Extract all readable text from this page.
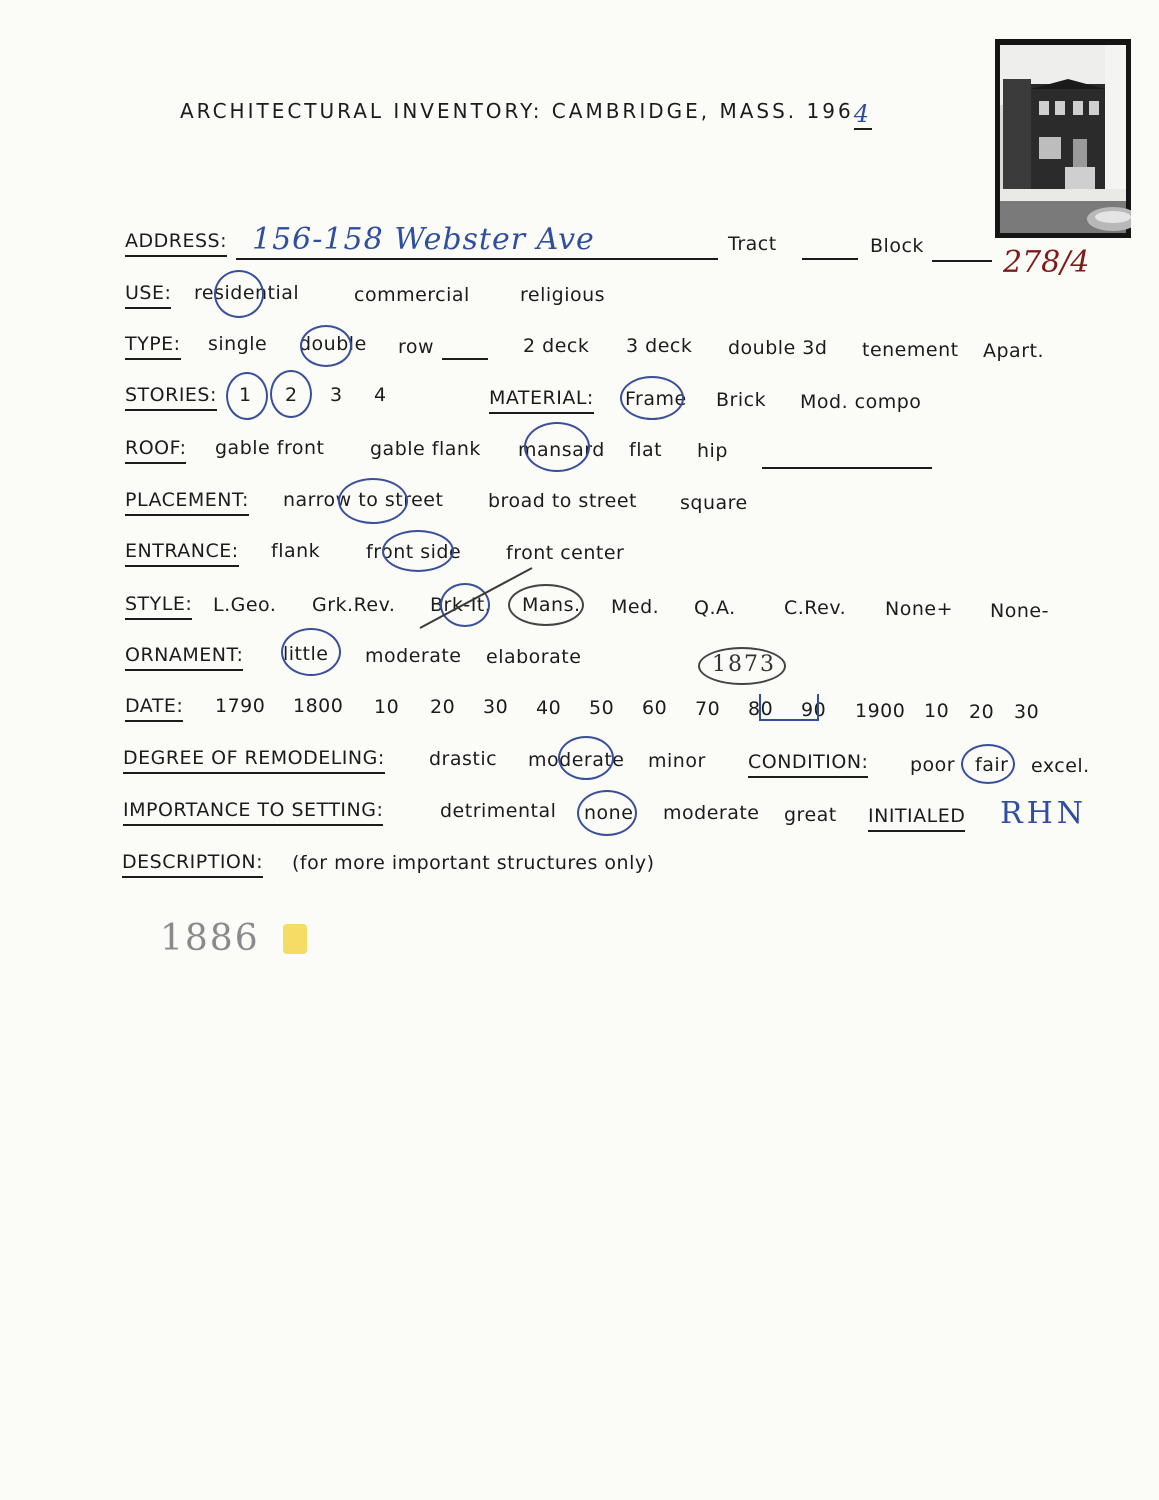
ARCHITECTURAL INVENTORY: CAMBRIDGE, MASS. 1964
ADDRESS: 156-158 Webster Ave	Tract	Block	278/4
USE: residential	commercial	religious
TYPE: single double row	2 deck 3 deck double 3d tenement Apart.
STORIES: 1 2 3 4	MATERIAL: Frame Brick Mod. compo
ROOF: gable front gable flank mansard flat hip
PLACEMENT: narrow to street broad to street square
ENTRANCE: flank front side front center
STYLE: L.Geo. Grk.Rev. Brk-It. Mans. Med. Q.A.	C.Rev. None+ None-
ORNAMENT: little moderate elaborate
DATE: 1790 1800 10 20 30 40 50 60 70 80 90 1900 10 20 30
1873
DEGREE OF REMODELING: drastic moderate minor CONDITION: poor fair excel.
IMPORTANCE TO SETTING:	detrimental none moderate great INITIALED RHN
DESCRIPTION: (for more important structures only)
1886
